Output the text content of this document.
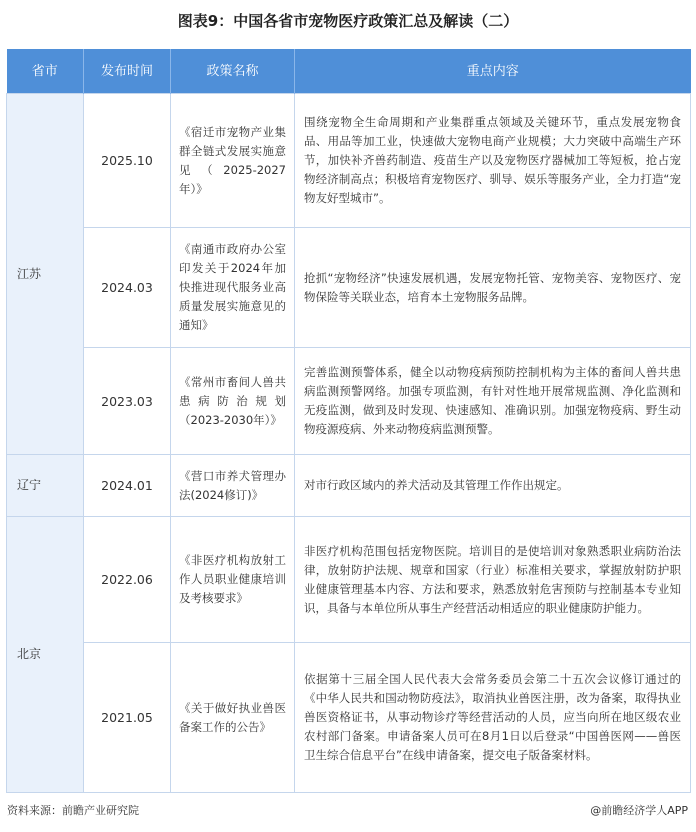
图表9：中国各省市宠物医疗政策汇总及解读（二）
省市	发布时间	政策名称	重点内容
江苏	2025.10	《宿迁市宠物产业集群全链式发展实施意见（2025-2027年）》	围绕宠物全生命周期和产业集群重点领域及关键环节，重点发展宠物食品、用品等加工业，快速做大宠物电商产业规模；大力突破中高端生产环节，加快补齐兽药制造、疫苗生产以及宠物医疗器械加工等短板，抢占宠物经济制高点；积极培育宠物医疗、驯导、娱乐等服务产业，全力打造“宠物友好型城市”。
	2024.03	《南通市政府办公室印发关于2024年加快推进现代服务业高质量发展实施意见的通知》	抢抓“宠物经济”快速发展机遇，发展宠物托管、宠物美容、宠物医疗、宠物保险等关联业态，培育本土宠物服务品牌。
	2023.03	《常州市畜间人兽共患病防治规划（2023-2030年）》	完善监测预警体系，健全以动物疫病预防控制机构为主体的畜间人兽共患病监测预警网络。加强专项监测，有针对性地开展常规监测、净化监测和无疫监测，做到及时发现、快速感知、准确识别。加强宠物疫病、野生动物疫源疫病、外来动物疫病监测预警。
辽宁	2024.01	《营口市养犬管理办法(2024修订)》	对市行政区域内的养犬活动及其管理工作作出规定。
北京	2022.06	《非医疗机构放射工作人员职业健康培训及考核要求》	非医疗机构范围包括宠物医院。培训目的是使培训对象熟悉职业病防治法律，放射防护法规、规章和国家（行业）标准相关要求，掌握放射防护职业健康管理基本内容、方法和要求，熟悉放射危害预防与控制基本专业知识，具备与本单位所从事生产经营活动相适应的职业健康防护能力。
	2021.05	《关于做好执业兽医备案工作的公告》	依据第十三届全国人民代表大会常务委员会第二十五次会议修订通过的《中华人民共和国动物防疫法》，取消执业兽医注册，改为备案，取得执业兽医资格证书，从事动物诊疗等经营活动的人员，应当向所在地区级农业农村部门备案。申请备案人员可在8月1日以后登录“中国兽医网——兽医卫生综合信息平台”在线申请备案，提交电子版备案材料。
资料来源：前瞻产业研究院	@前瞻经济学人APP
